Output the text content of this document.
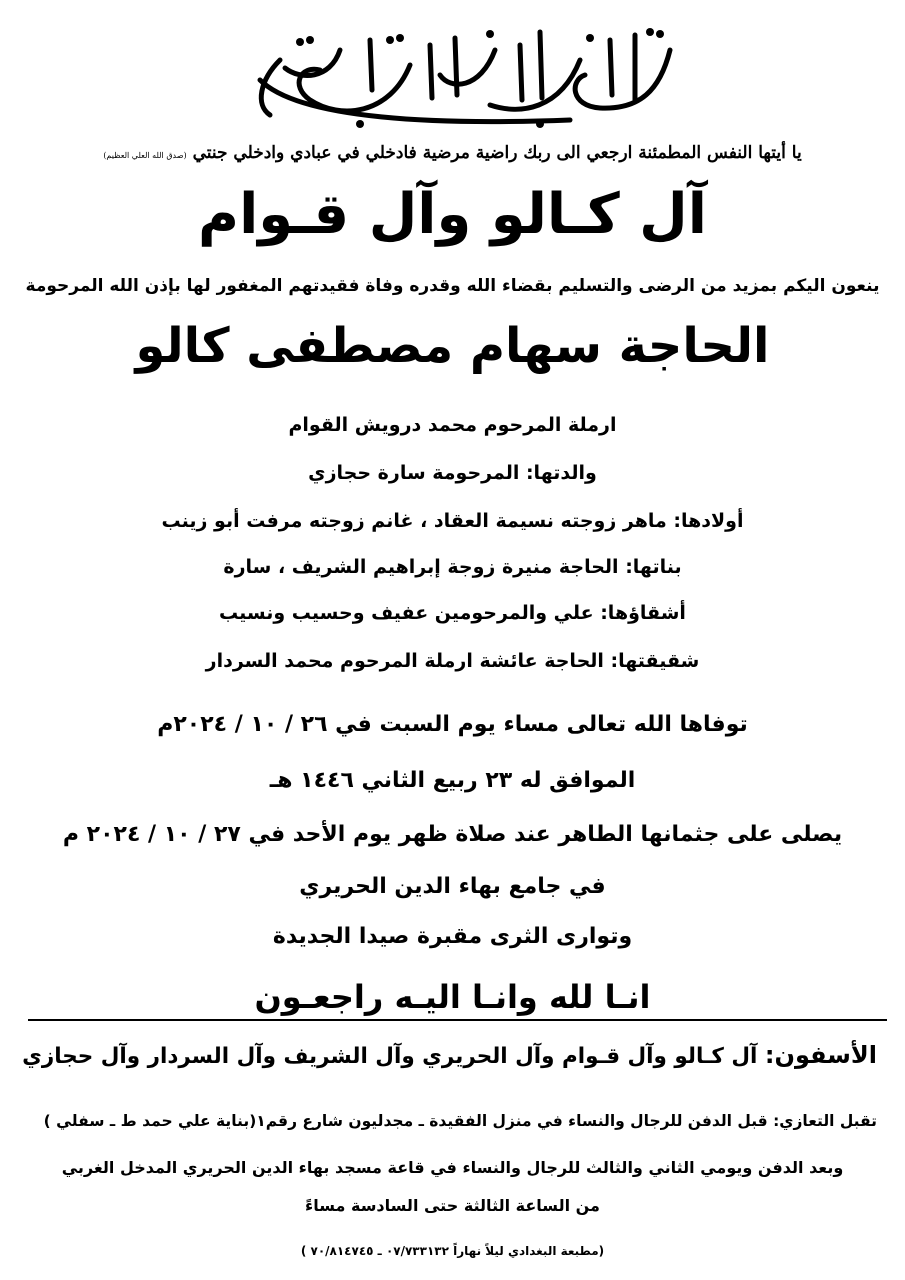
يا أيتها النفس المطمئنة ارجعي الى ربك راضية مرضية فادخلي في عبادي وادخلي جنتي (صدق الله العلي العظيم)
آل كـالو وآل قـوام
ينعون اليكم بمزيد من الرضى والتسليم بقضاء الله وقدره وفاة فقيدتهم المغفور لها بإذن الله المرحومة
الحاجة سهام مصطفى كالو
ارملة المرحوم محمد درويش القوام
والدتها: المرحومة سارة حجازي
أولادها: ماهر زوجته نسيمة العقاد ، غانم زوجته مرفت أبو زينب
بناتها: الحاجة منيرة زوجة إبراهيم الشريف ، سارة
أشقاؤها: علي والمرحومين عفيف وحسيب ونسيب
شقيقتها: الحاجة عائشة ارملة المرحوم محمد السردار
توفاها الله تعالى مساء يوم السبت في ٢٦ / ١٠ / ٢٠٢٤م
الموافق له ٢٣ ربيع الثاني ١٤٤٦ هـ
يصلى على جثمانها الطاهر عند صلاة ظهر يوم الأحد في ٢٧ / ١٠ / ٢٠٢٤ م
في جامع بهاء الدين الحريري
وتوارى الثرى مقبرة صيدا الجديدة
انـا لله وانـا اليـه راجعـون
الأسفون: آل كـالو وآل قـوام وآل الحريري وآل الشريف وآل السردار وآل حجازي
تقبل التعازي: قبل الدفن للرجال والنساء في منزل الفقيدة ـ مجدليون شارع رقم١(بناية علي حمد ط ـ سفلي )
وبعد الدفن ويومي الثاني والثالث للرجال والنساء في قاعة مسجد بهاء الدين الحريري المدخل الغربي
من الساعة الثالثة حتى السادسة مساءً
(مطبعة البغدادي ليلاً نهاراً ٠٧/٧٣٣١٣٢ ـ ٧٠/٨١٤٧٤٥ )
